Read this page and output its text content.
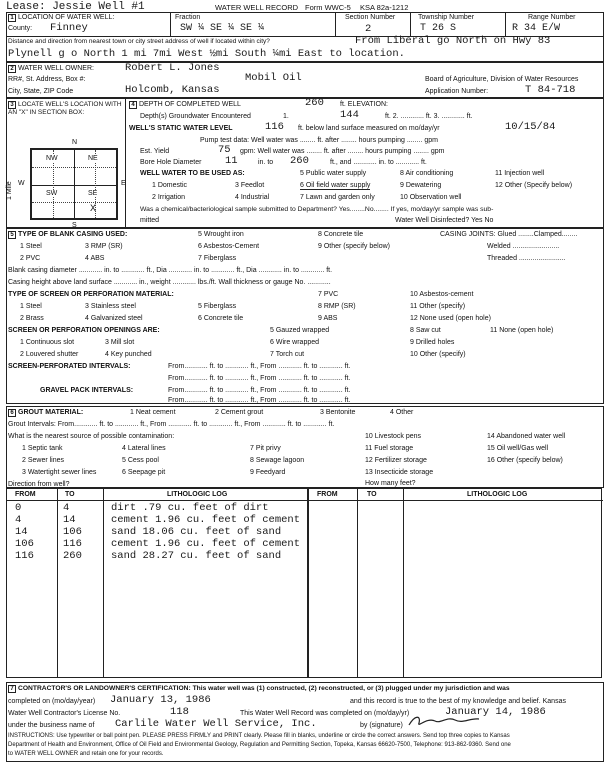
Lease: Jessie Well #1	WATER WELL RECORD Form WWC-5 KSA 82a-1212
1 LOCATION OF WATER WELL:
County: Finney
Fraction
SW ¼ SE ¼ SE ¼
Section Number
2
Township Number
T 26 S
Range Number
R 34 E/W
Distance and direction from nearest town or city street address of well if located within city?	From Liberal go North on Hwy 83
Plynell g o North 1 mi 7mi West ½mi South ¼mi East to location.
2 WATER WELL OWNER:	Robert L. Jones
Mobil Oil
RR#, St. Address, Box #:	Board of Agriculture, Division of Water Resources
City, State, ZIP Code	Holcomb, Kansas	Application Number:	T 84-718
3 LOCATE WELL'S LOCATION WITH AN "X" IN SECTION BOX:
N
NW	NE
SW	SE
X
W	E
S
1 Mile
4 DEPTH OF COMPLETED WELL	260 ft. ELEVATION:
Depth(s) Groundwater Encountered	1.	144	ft. 2. ............ ft. 3. ............ ft.
WELL'S STATIC WATER LEVEL	116 ft. below land surface measured on mo/day/yr	10/15/84
Pump test data: Well water was ........ ft. after ........ hours pumping ........ gpm
Est. Yield	75 gpm: Well water was ........ ft. after ........ hours pumping ........ gpm
Bore Hole Diameter 11	in. to 260	ft., and ............ in. to ............ ft.
WELL WATER TO BE USED AS:
1 Domestic	3 Feedlot
5 Public water supply	8 Air conditioning	11 Injection well
2 Irrigation	4 Industrial
6 Oil field water supply	9 Dewatering	12 Other (Specify below)
7 Lawn and garden only	10 Observation well
Was a chemical/bacteriological sample submitted to Department? Yes........No........ If yes, mo/day/yr sample was sub-
mitted	Water Well Disinfected? Yes No
5 TYPE OF BLANK CASING USED:	CASING JOINTS: Glued ........Clamped........
1 Steel	3 RMP (SR)
5 Wrought iron	8 Concrete tile
6 Asbestos-Cement	9 Other (specify below)	Welded ........................
2 PVC	4 ABS	7 Fiberglass	Threaded ........................
Blank casing diameter ............ in. to ............ ft., Dia ............ in. to ............ ft., Dia ............ in. to ............ ft.
Casing height above land surface ............ in., weight ............ lbs./ft. Wall thickness or gauge No. ............
TYPE OF SCREEN OR PERFORATION MATERIAL:
1 Steel	3 Stainless steel	5 Fiberglass
7 PVC	10 Asbestos-cement
2 Brass	4 Galvanized steel	6 Concrete tile
8 RMP (SR)	11 Other (specify)
9 ABS	12 None used (open hole)
SCREEN OR PERFORATION OPENINGS ARE:
1 Continuous slot	3 Mill slot
5 Gauzed wrapped	8 Saw cut	11 None (open hole)
2 Louvered shutter	4 Key punched
6 Wire wrapped
7 Torch cut
9 Drilled holes
10 Other (specify)
SCREEN-PERFORATED INTERVALS:	From............ ft. to ............ ft., From ............ ft. to ............ ft.
From............ ft. to ............ ft., From ............ ft. to ............ ft.
GRAVEL PACK INTERVALS:	From............ ft. to ............ ft., From ............ ft. to ............ ft.
From............ ft. to ............ ft., From ............ ft. to ............ ft.
6 GROUT MATERIAL:	1 Neat cement	2 Cement grout	3 Bentonite	4 Other
Grout Intervals: From............ ft. to ............ ft., From ............ ft. to ............ ft., From ............ ft. to ............ ft.
What is the nearest source of possible contamination:
1 Septic tank	4 Lateral lines	7 Pit privy
10 Livestock pens	14 Abandoned water well
2 Sewer lines	5 Cess pool	8 Sewage lagoon
11 Fuel storage	15 Oil well/Gas well
3 Watertight sewer lines	6 Seepage pit	9 Feedyard
12 Fertilizer storage	16 Other (specify below)
13 Insecticide storage
How many feet?
Direction from well?
FROM	TO	LITHOLOGIC LOG	FROM	TO	LITHOLOGIC LOG
0	4	dirt .79 cu. feet of dirt
4	14	cement 1.96 cu. feet of cement
14	106	sand 18.06 cu. feet of sand
106	116	cement 1.96 cu. feet of cement
116	260	sand 28.27 cu. feet of sand
7 CONTRACTOR'S OR LANDOWNER'S CERTIFICATION: This water well was (1) constructed, (2) reconstructed, or (3) plugged under my jurisdiction and was
completed on (mo/day/year) January 13, 1986	and this record is true to the best of my knowledge and belief. Kansas
Water Well Contractor's License No.	118	This Water Well Record was completed on (mo/day/yr)	January 14, 1986
under the business name of Carlile Water Well Service, Inc.	by (signature)
INSTRUCTIONS: Use typewriter or ball point pen. PLEASE PRESS FIRMLY and PRINT clearly. Please fill in blanks, underline or circle the correct answers. Send top three copies to Kansas
Department of Health and Environment, Office of Oil Field and Environmental Geology, Regulation and Permitting Section, Topeka, Kansas 66620-7500, Telephone: 913-862-9360. Send one
to WATER WELL OWNER and retain one for your records.
